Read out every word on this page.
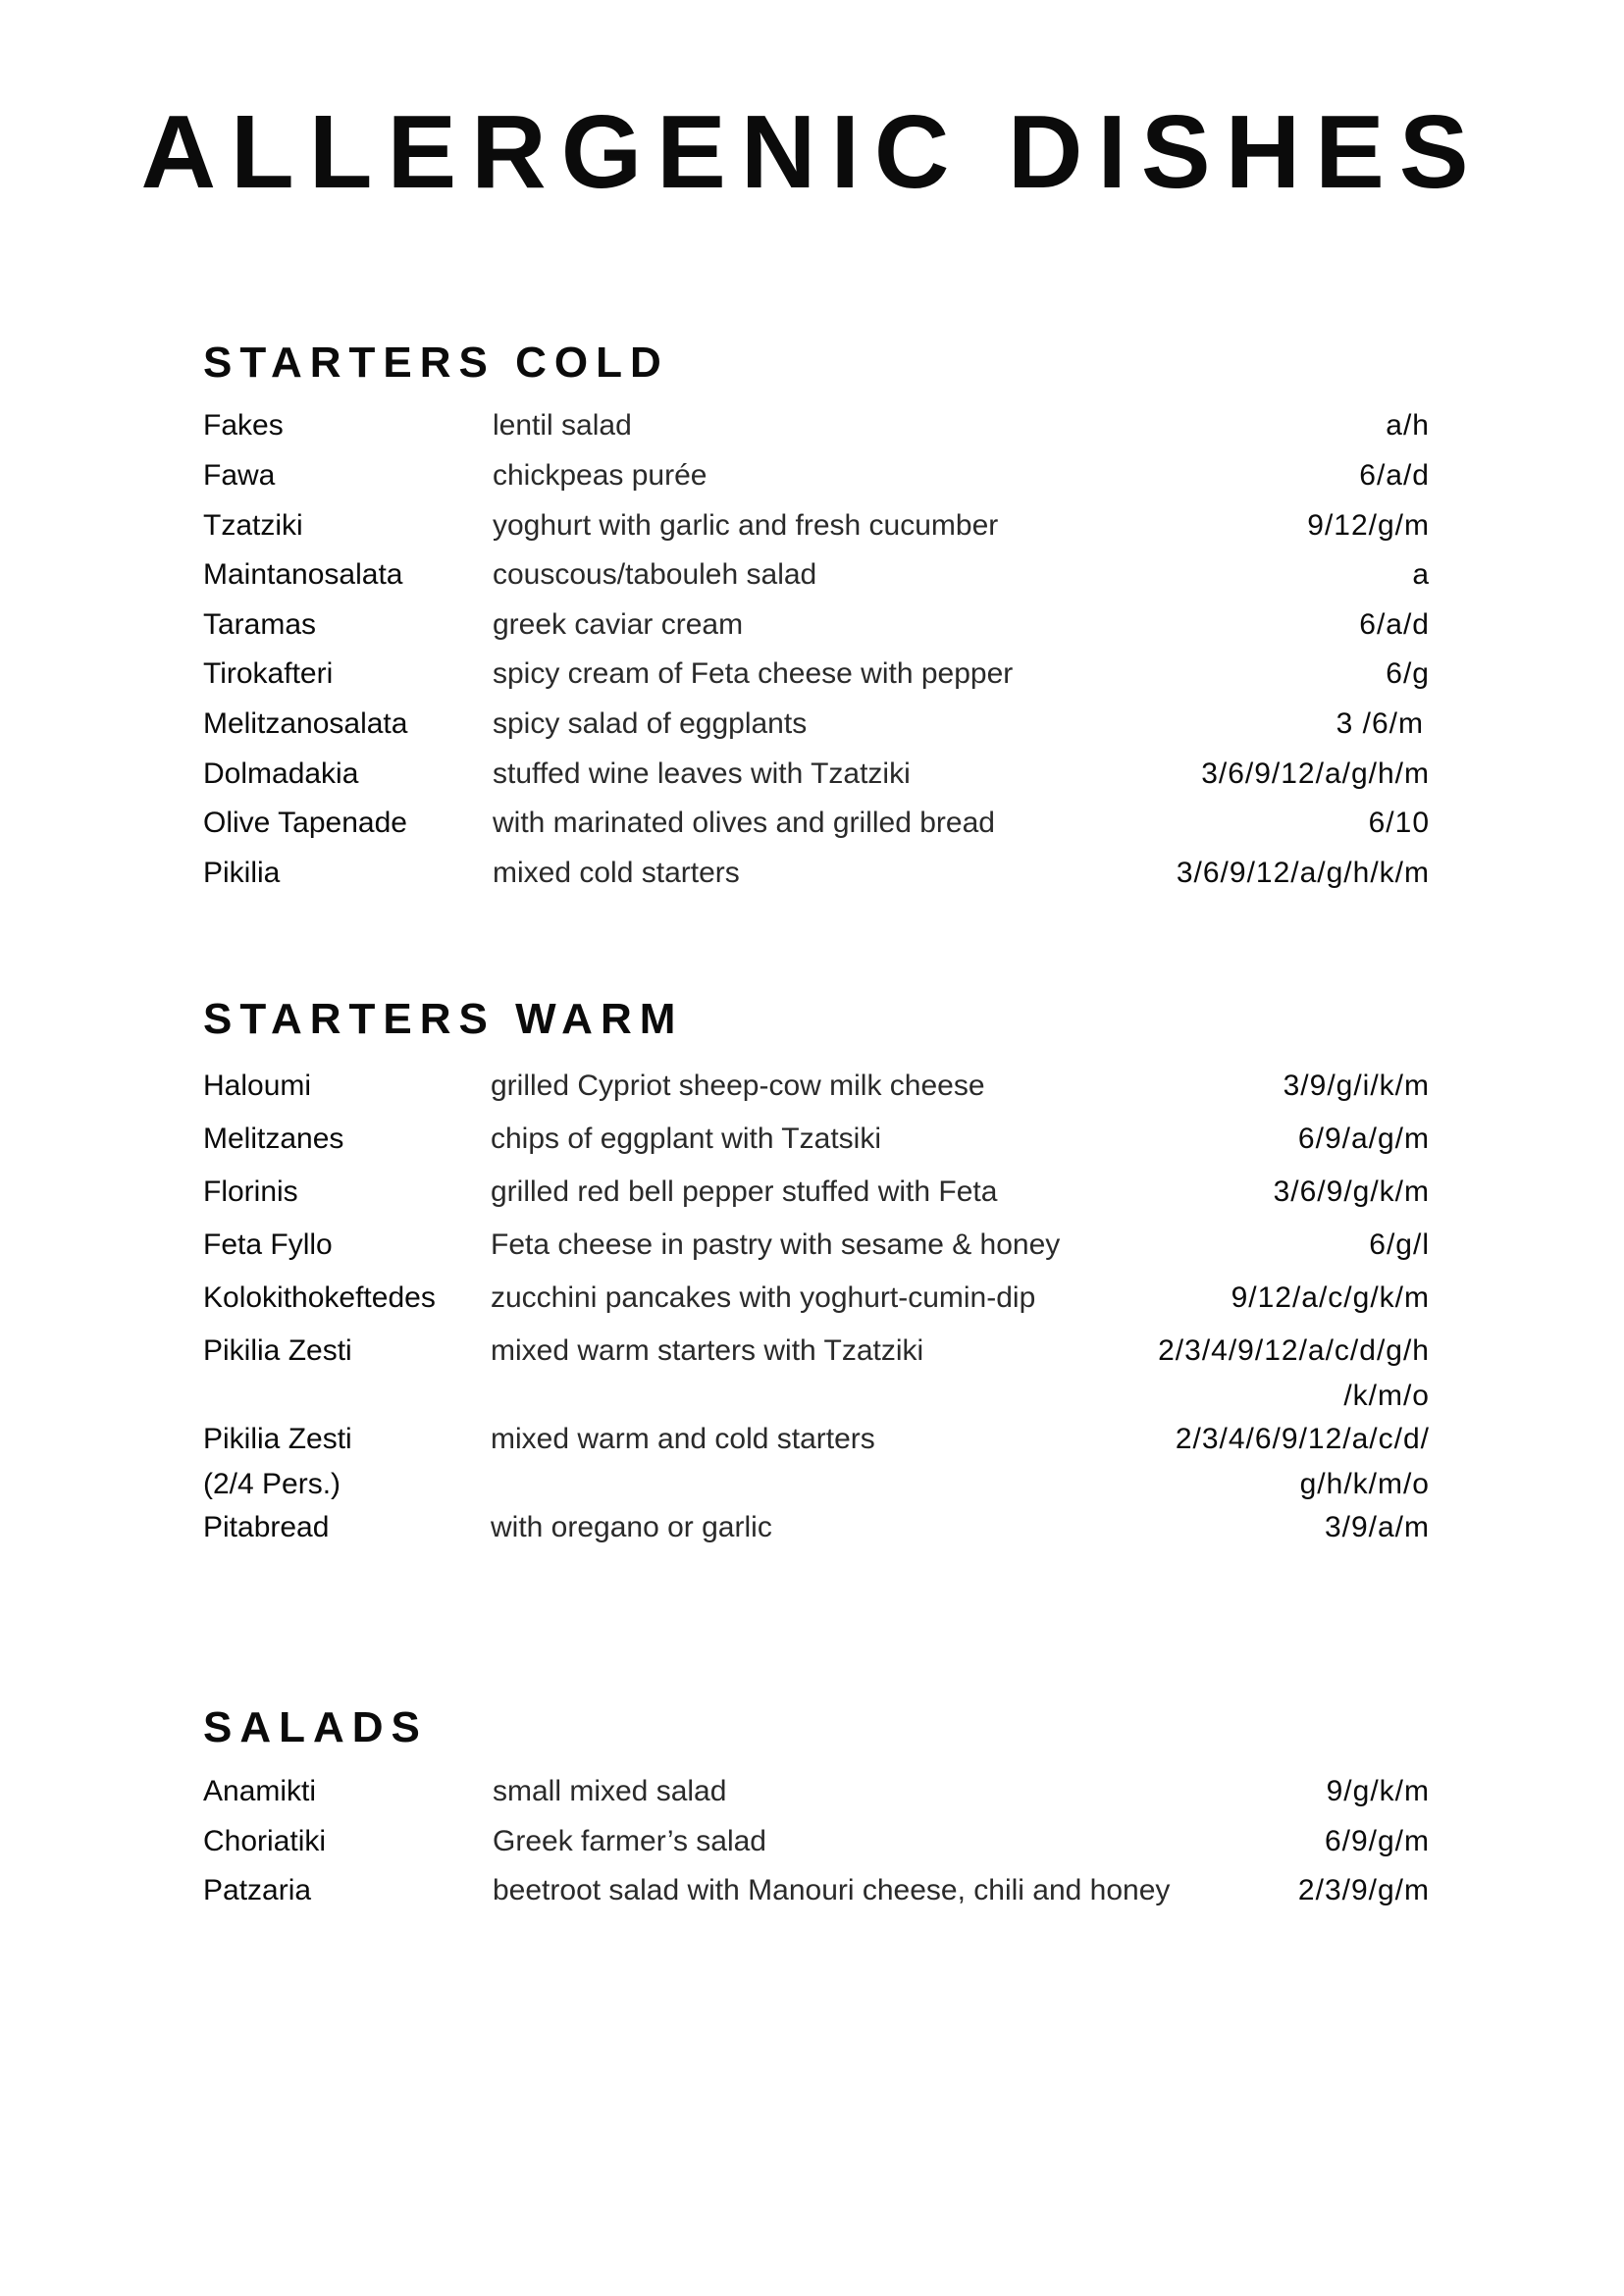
ALLERGENIC DISHES
STARTERS COLD
Fakes	lentil salad	a/h
Fawa	chickpeas purée	6/a/d
Tzatziki	yoghurt with garlic and fresh cucumber	9/12/g/m
Maintanosalata	couscous/tabouleh salad	a
Taramas	greek caviar cream	6/a/d
Tirokafteri	spicy cream of Feta cheese with pepper	6/g
Melitzanosalata	spicy salad of eggplants	3 /6/m
Dolmadakia	stuffed wine leaves with Tzatziki	3/6/9/12/a/g/h/m
Olive Tapenade	with marinated olives and grilled bread	6/10
Pikilia	mixed cold starters	3/6/9/12/a/g/h/k/m
STARTERS WARM
Haloumi	grilled Cypriot sheep-cow milk cheese	3/9/g/i/k/m
Melitzanes	chips of eggplant with Tzatsiki	6/9/a/g/m
Florinis	grilled red bell pepper stuffed with Feta	3/6/9/g/k/m
Feta Fyllo	Feta cheese in pastry with sesame & honey	6/g/l
Kolokithokeftedes zucchini pancakes with yoghurt-cumin-dip	9/12/a/c/g/k/m
Pikilia Zesti	mixed warm starters with Tzatziki	2/3/4/9/12/a/c/d/g/h
/k/m/o
Pikilia Zesti
(2/4 Pers.)
mixed warm and cold starters	2/3/4/6/9/12/a/c/d/
g/h/k/m/o
Pitabread	with oregano or garlic	3/9/a/m
SALADS
Anamikti	small mixed salad	9/g/k/m
Choriatiki	Greek farmer’s salad	6/9/g/m
Patzaria	beetroot salad with Manouri cheese, chili and honey	2/3/9/g/m
